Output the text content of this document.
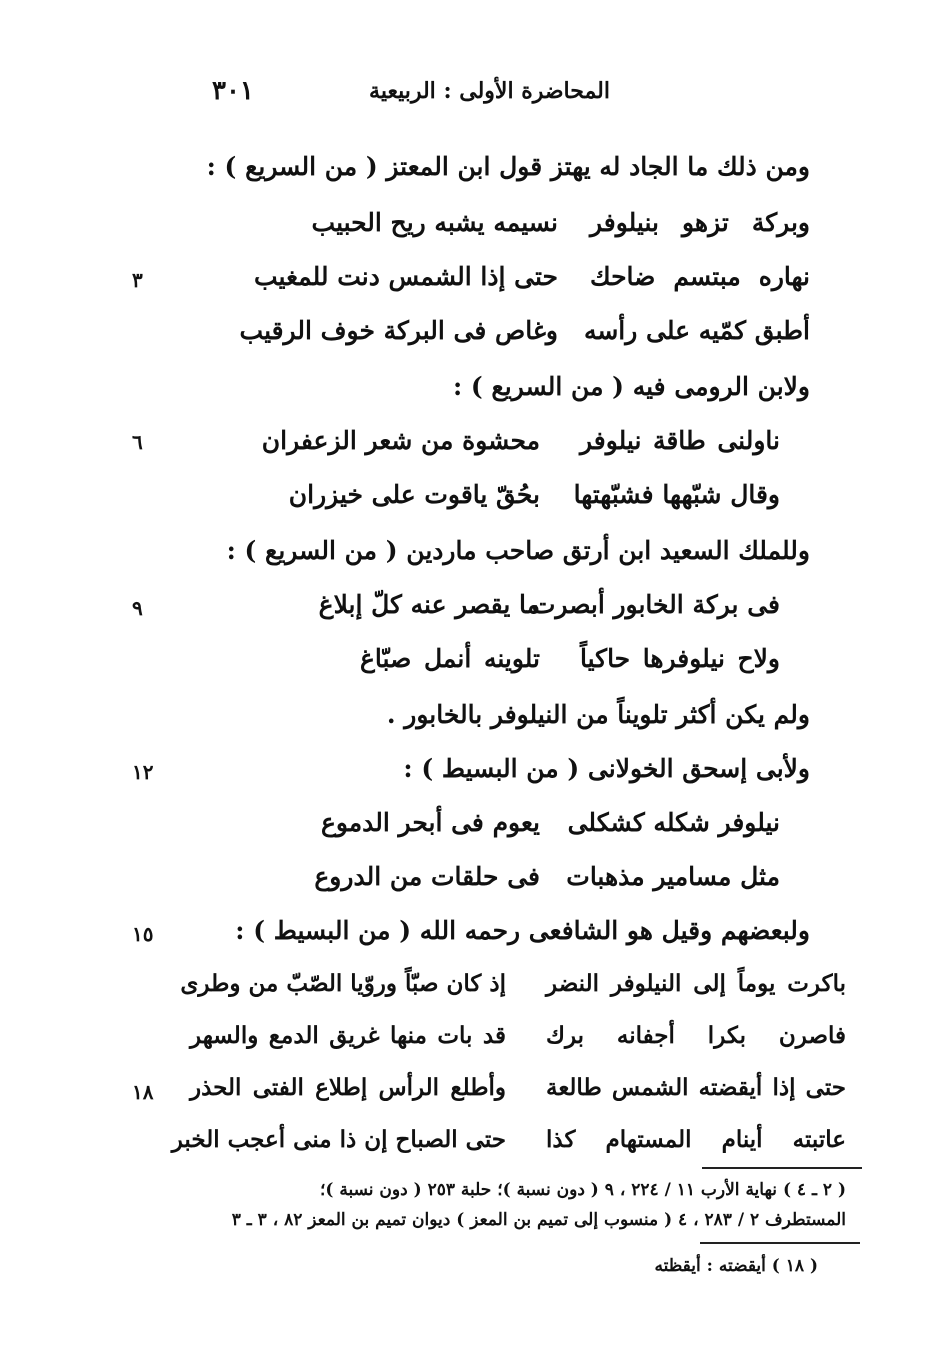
المحاضرة الأولى : الربيعية
٣٠١
ومن ذلك ما الجاد له يهتز قول ابن المعتز ( من السريع ) :
وبركة تزهو بنيلوفر
نسيمه يشبه ريح الحبيب
نهاره مبتسم ضاحك
حتى إذا الشمس دنت للمغيب
٣
أطبق كمّيه على رأسه
وغاص فى البركة خوف الرقيب
ولابن الرومى فيه ( من السريع ) :
ناولنى طاقة نيلوفر
محشوة من شعر الزعفران
٦
وقال شبّهها فشبّهتها
بحُقّ ياقوت على خيزران
وللملك السعيد ابن أرتق صاحب ماردين ( من السريع ) :
فى بركة الخابور أبصرت
ما يقصر عنه كلّ إبلاغ
٩
ولاح نيلوفرها حاكياً
تلوينه أنمل صبّاغ
ولم يكن أكثر تلويناً من النيلوفر بالخابور .
ولأبى إسحق الخولانى ( من البسيط ) :
١٢
نيلوفر شكله كشكلى
يعوم فى أبحر الدموع
مثل مسامير مذهبات
فى حلقات من الدروع
ولبعضهم وقيل هو الشافعى رحمه الله ( من البسيط ) :
١٥
باكرت يوماً إلى النيلوفر النضر
إذ كان صبّاً وروّيا الصّبّ من وطرى
فاصرن بكرا أجفانه برك
قد بات منها غريق الدمع والسهر
حتى إذا أيقضته الشمس طالعة
وأطلع الرأس إطلاع الفتى الحذر
١٨
عاتبته أينام المستهام كذا
حتى الصباح إن ذا منى أعجب الخبر
( ٢ ـ ٤ ) نهاية الأرب ١١ / ٢٢٤ ، ٩ ( دون نسبة )؛ حلبة ٢٥٣ ( دون نسبة )؛
المستطرف ٢ / ٢٨٣ ، ٤ ( منسوب إلى تميم بن المعز ) ديوان تميم بن المعز ٨٢ ، ٣ ـ ٣
( ١٨ ) أيقضته : أيقظته
